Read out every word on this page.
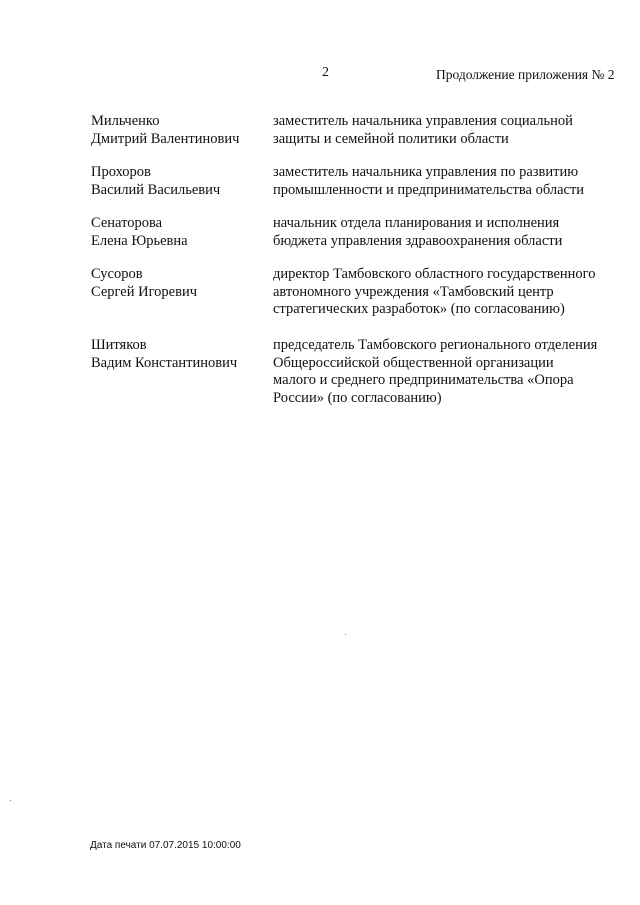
2	Продолжение приложения № 2
Мильченко
Дмитрий Валентинович
заместитель начальника управления социальной
защиты и семейной политики области
Прохоров
Василий Васильевич
заместитель начальника управления по развитию
промышленности и предпринимательства области
Сенаторова
Елена Юрьевна
начальник отдела планирования и исполнения
бюджета управления здравоохранения области
Сусоров
Сергей Игоревич
директор Тамбовского областного государственного
автономного учреждения «Тамбовский центр
стратегических разработок» (по согласованию)
Шитяков
Вадим Константинович
председатель Тамбовского регионального отделения
Общероссийской общественной организации
малого и среднего предпринимательства «Опора
России» (по согласованию)
Дата печати 07.07.2015 10:00:00
